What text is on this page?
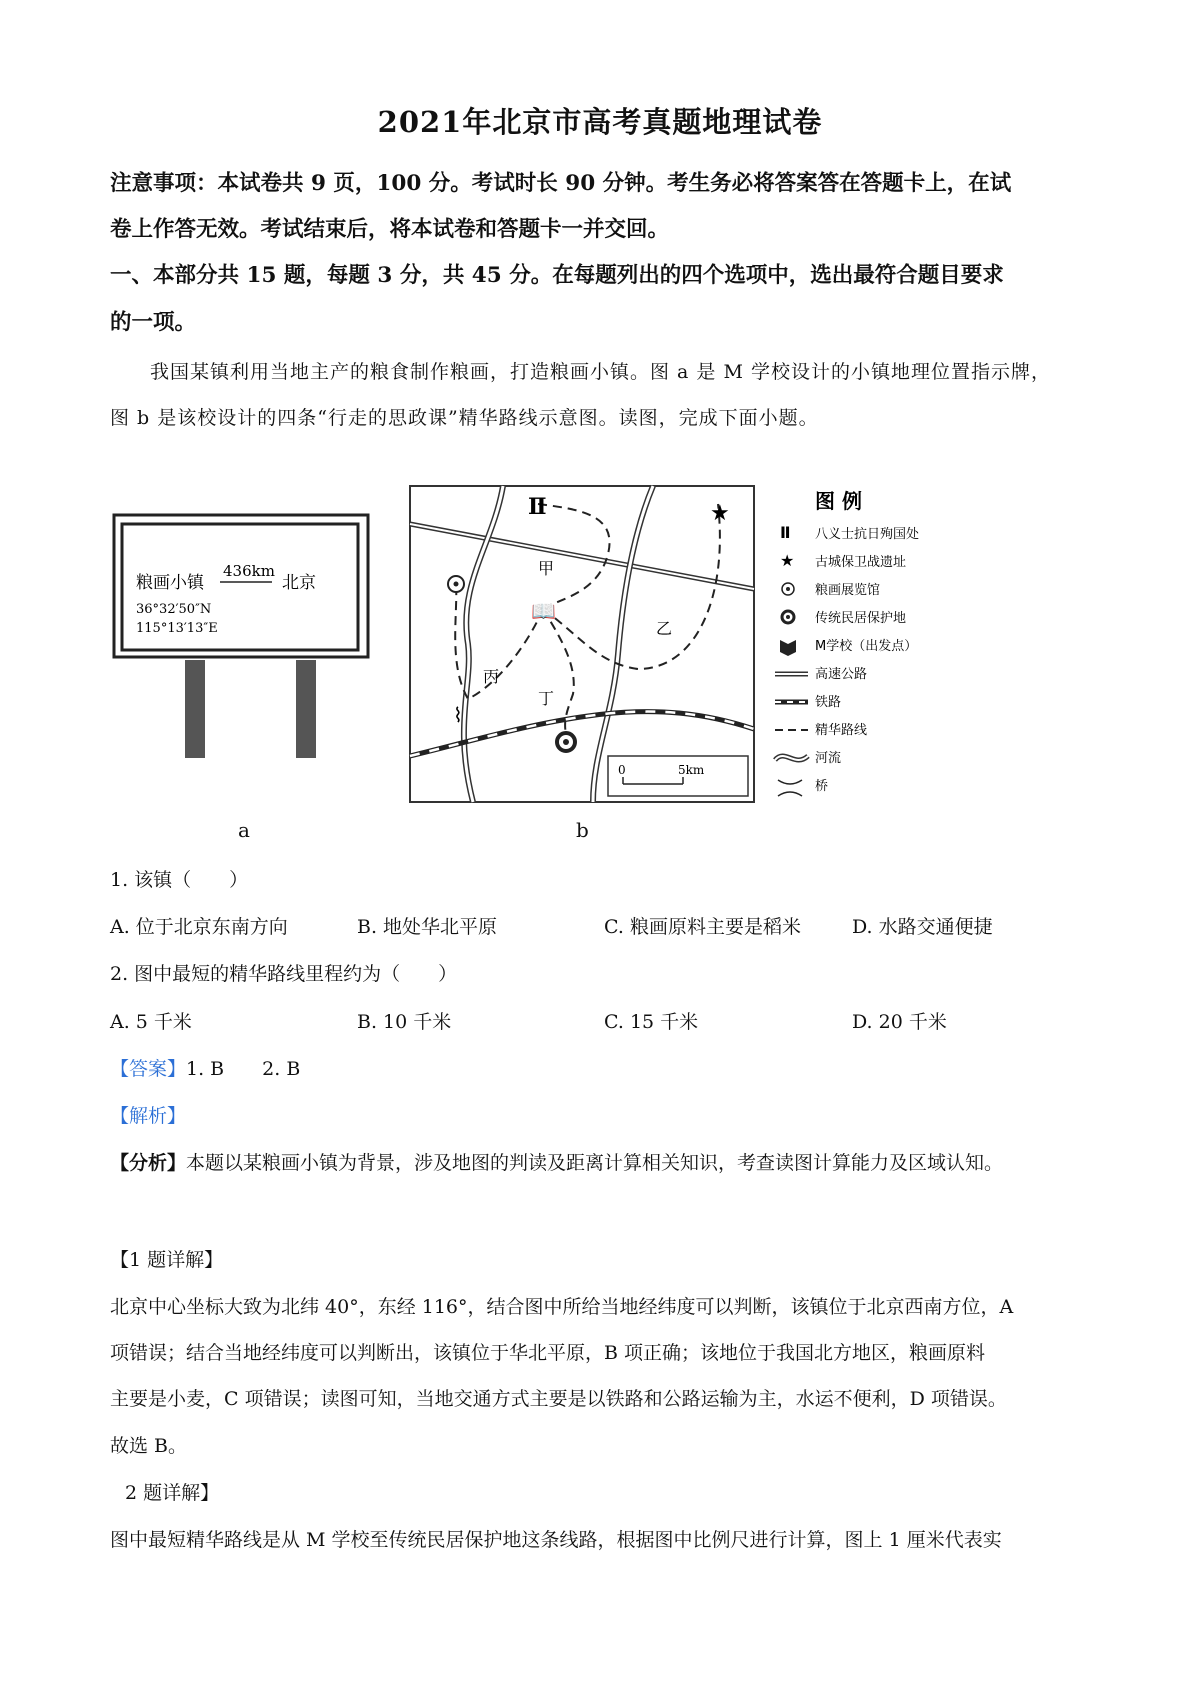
2021年北京市高考真题地理试卷
注意事项：本试卷共 9 页，100 分。考试时长 90 分钟。考生务必将答案答在答题卡上，在试
卷上作答无效。考试结束后，将本试卷和答题卡一并交回。
一、本部分共 15 题，每题 3 分，共 45 分。在每题列出的四个选项中，选出最符合题目要求
的一项。
我国某镇利用当地主产的粮食制作粮画，打造粮画小镇。图 a 是 M 学校设计的小镇地理位置指示牌，
图 b 是该校设计的四条“行走的思政课”精华路线示意图。读图，完成下面小题。
粮画小镇
436km
北京
36°32′50″N
115°13′13″E
a
Ⅱ	★
📖
⌇
甲
乙
丙
丁
0	5km
b
图 例
Ⅱ 八义士抗日殉国处
★ 古城保卫战遗址
粮画展览馆
传统民居保护地
M学校（出发点）
高速公路
铁路
精华路线
河流
桥
1. 该镇（　　）
A. 位于北京东南方向	B. 地处华北平原	C. 粮画原料主要是稻米	D. 水路交通便捷
2. 图中最短的精华路线里程约为（　　）
A. 5 千米	B. 10 千米	C. 15 千米	D. 20 千米
【答案】1. B　　2. B
【解析】
【分析】本题以某粮画小镇为背景，涉及地图的判读及距离计算相关知识，考查读图计算能力及区域认知。
【1 题详解】
北京中心坐标大致为北纬 40°，东经 116°，结合图中所给当地经纬度可以判断，该镇位于北京西南方位，A
项错误；结合当地经纬度可以判断出，该镇位于华北平原，B 项正确；该地位于我国北方地区，粮画原料
主要是小麦，C 项错误；读图可知，当地交通方式主要是以铁路和公路运输为主，水运不便利，D 项错误。
故选 B。
2 题详解】
图中最短精华路线是从 M 学校至传统民居保护地这条线路，根据图中比例尺进行计算，图上 1 厘米代表实
